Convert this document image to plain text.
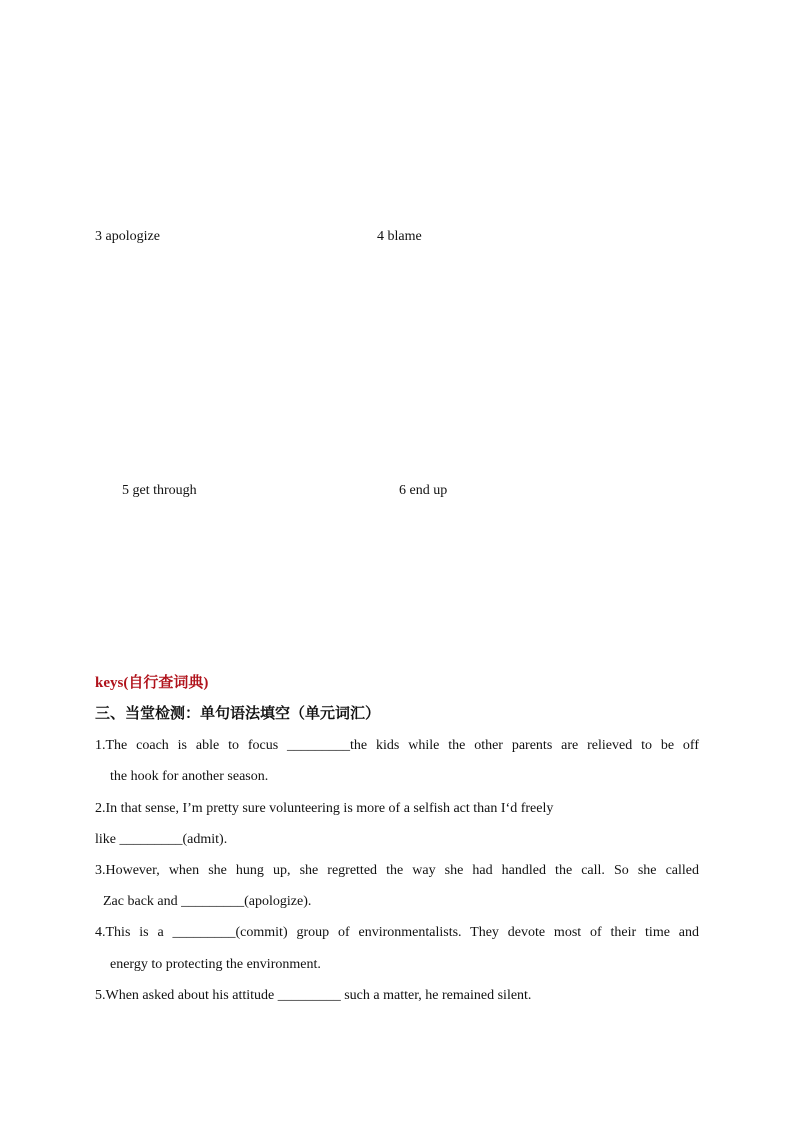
3 apologize	4 blame
5 get through	6 end up
keys(自行查词典)
三、当堂检测：单句语法填空（单元词汇）
1.The coach is able to focus _________the kids while the other parents are relieved to be off
the hook for another season.
2.In that sense, I’m pretty sure volunteering is more of a selfish act than I‘d freely
like _________(admit).
3.However, when she hung up, she regretted the way she had handled the call. So she called
Zac back and _________(apologize).
4.This is a _________(commit) group of environmentalists. They devote most of their time and
energy to protecting the environment.
5.When asked about his attitude _________ such a matter, he remained silent.
